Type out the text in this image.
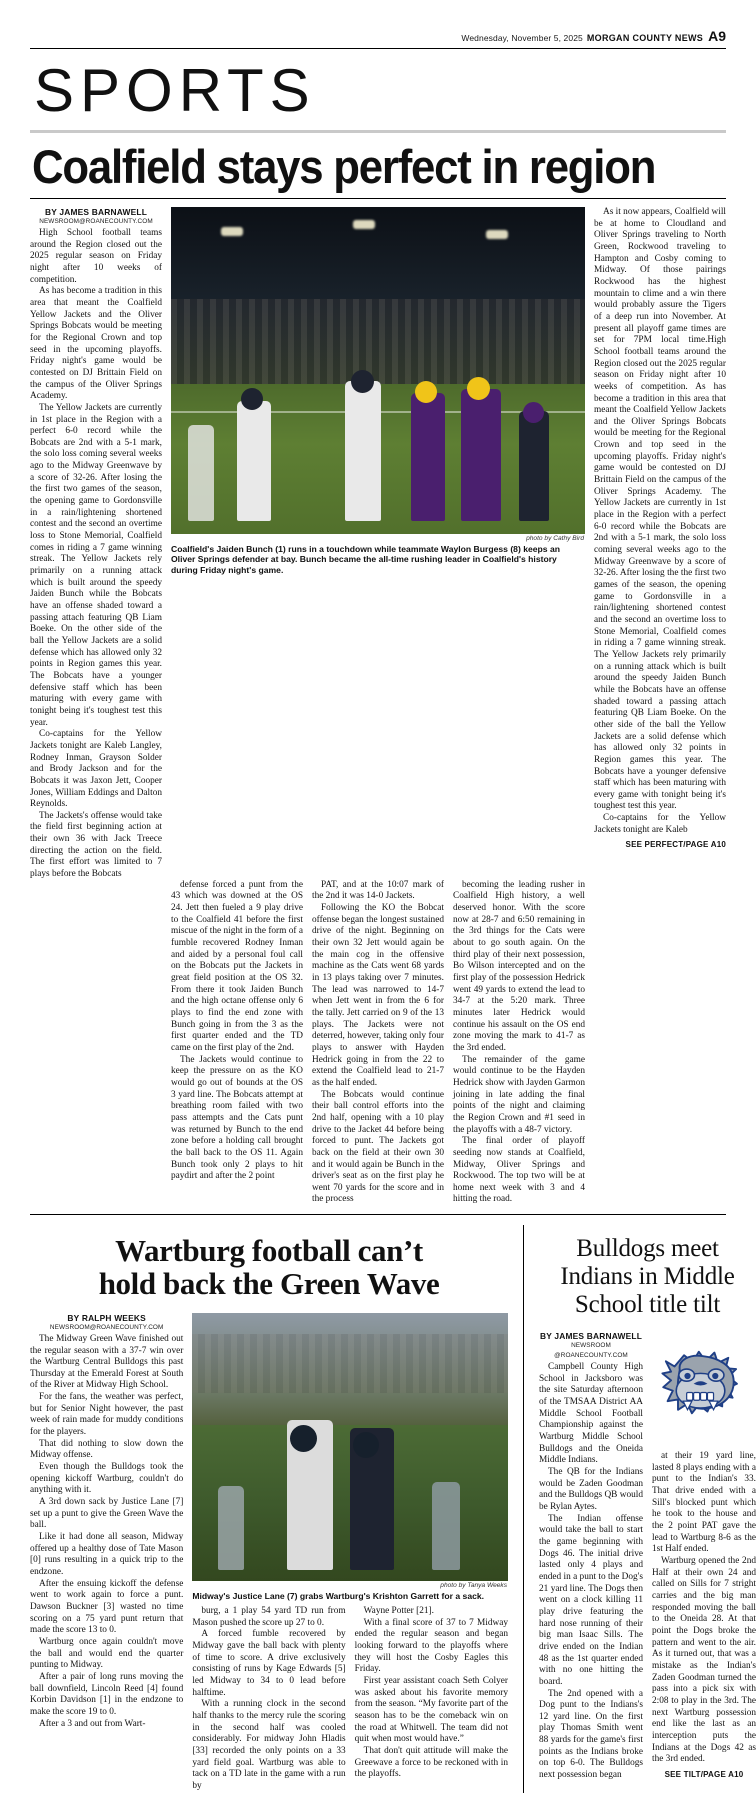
Wednesday, November 5, 2025 MORGAN COUNTY NEWS A9
SPORTS
Coalfield stays perfect in region
BY JAMES BARNAWELL
NEWSROOM@ROANECOUNTY.COM

High School football teams around the Region closed out the 2025 regular season on Friday night after 10 weeks of competition.

As has become a tradition in this area that meant the Coalfield Yellow Jackets and the Oliver Springs Bobcats would be meeting for the Regional Crown and top seed in the upcoming playoffs. Friday night's game would be contested on DJ Brittain Field on the campus of the Oliver Springs Academy.

The Yellow Jackets are currently in 1st place in the Region with a perfect 6-0 record while the Bobcats are 2nd with a 5-1 mark, the solo loss coming several weeks ago to the Midway Greenwave by a score of 32-26. After losing the the first two games of the season, the opening game to Gordonsville in a rain/lightening shortened contest and the second an overtime loss to Stone Memorial, Coalfield comes in riding a 7 game winning streak. The Yellow Jackets rely primarily on a running attack which is built around the speedy Jaiden Bunch while the Bobcats have an offense shaded toward a passing attach featuring QB Liam Boeke. On the other side of the ball the Yellow Jackets are a solid defense which has allowed only 32 points in Region games this year. The Bobcats have a younger defensive staff which has been maturing with every game with tonight being it's toughest test this year.

Co-captains for the Yellow Jackets tonight are Kaleb Langley, Rodney Inman, Grayson Solder and Brody Jackson and for the Bobcats it was Jaxon Jett, Cooper Jones, William Eddings and Dalton Reynolds.

The Jackets's offense would take the field first beginning action at their own 36 with Jack Treece directing the action on the field. The first effort was limited to 7 plays before the Bobcats

photo by Cathy Bird
Coalfield's Jaiden Bunch (1) runs in a touchdown while teammate Waylon Burgess (8) keeps an Oliver Springs defender at bay. Bunch became the all-time rushing leader in Coalfield's history during Friday night's game.

As it now appears, Coalfield will be at home to Cloudland and Oliver Springs traveling to North Green, Rockwood traveling to Hampton and Cosby coming to Midway. Of those pairings Rockwood has the highest mountain to clime and a win there would probably assure the Tigers of a deep run into November. At present all playoff game times are set for 7PM local time.High School football teams around the Region closed out the 2025 regular season on Friday night after 10 weeks of competition. As has become a tradition in this area that meant the Coalfield Yellow Jackets and the Oliver Springs Bobcats would be meeting for the Regional Crown and top seed in the upcoming playoffs. Friday night's game would be contested on DJ Brittain Field on the campus of the Oliver Springs Academy. The Yellow Jackets are currently in 1st place in the Region with a perfect 6-0 record while the Bobcats are 2nd with a 5-1 mark, the solo loss coming several weeks ago to the Midway Greenwave by a score of 32-26. After losing the the first two games of the season, the opening game to Gordonsville in a rain/lightening shortened contest and the second an overtime loss to Stone Memorial, Coalfield comes in riding a 7 game winning streak. The Yellow Jackets rely primarily on a running attack which is built around the speedy Jaiden Bunch while the Bobcats have an offense shaded toward a passing attach featuring QB Liam Boeke. On the other side of the ball the Yellow Jackets are a solid defense which has allowed only 32 points in Region games this year. The Bobcats have a younger defensive staff which has been maturing with every game with tonight being it's toughest test this year.

Co-captains for the Yellow Jackets tonight are Kaleb

SEE PERFECT/PAGE A10

defense forced a punt from the 43 which was downed at the OS 24. Jett then fueled a 9 play drive to the Coalfield 41 before the first miscue of the night in the form of a fumble recovered Rodney Inman and aided by a personal foul call on the Bobcats put the Jackets in great field position at the OS 32. From there it took Jaiden Bunch and the high octane offense only 6 plays to find the end zone with Bunch going in from the 3 as the first quarter ended and the TD came on the first play of the 2nd.

The Jackets would continue to keep the pressure on as the KO would go out of bounds at the OS 3 yard line. The Bobcats attempt at breathing room failed with two pass attempts and the Cats punt was returned by Bunch to the end zone before a holding call brought the ball back to the OS 11. Again Bunch took only 2 plays to hit paydirt and after the 2 point

PAT, and at the 10:07 mark of the 2nd it was 14-0 Jackets.

Following the KO the Bobcat offense began the longest sustained drive of the night. Beginning on their own 32 Jett would again be the main cog in the offensive machine as the Cats went 68 yards in 13 plays taking over 7 minutes. The lead was narrowed to 14-7 when Jett went in from the 6 for the tally. Jett carried on 9 of the 13 plays. The Jackets were not deterred, however, taking only four plays to answer with Hayden Hedrick going in from the 22 to extend the Coalfield lead to 21-7 as the half ended.

The Bobcats would continue their ball control efforts into the 2nd half, opening with a 10 play drive to the Jacket 44 before being forced to punt. The Jackets got back on the field at their own 30 and it would again be Bunch in the driver's seat as on the first play he went 70 yards for the score and in the process

becoming the leading rusher in Coalfield High history, a well deserved honor. With the score now at 28-7 and 6:50 remaining in the 3rd things for the Cats were about to go south again. On the third play of their next possession, Bo Wilson intercepted and on the first play of the possession Hedrick went 49 yards to extend the lead to 34-7 at the 5:20 mark. Three minutes later Hedrick would continue his assault on the OS end zone moving the mark to 41-7 as the 3rd ended.

The remainder of the game would continue to be the Hayden Hedrick show with Jayden Garmon joining in late adding the final points of the night and claiming the Region Crown and #1 seed in the playoffs with a 48-7 victory.

The final order of playoff seeding now stands at Coalfield, Midway, Oliver Springs and Rockwood. The top two will be at home next week with 3 and 4 hitting the road.

Wartburg football can’t
hold back the Green Wave
BY RALPH WEEKS
NEWSROOM@ROANECOUNTY.COM

The Midway Green Wave finished out the regular season with a 37-7 win over the Wartburg Central Bulldogs this past Thursday at the Emerald Forest at South of the River at Midway High School.

For the fans, the weather was perfect, but for Senior Night however, the past week of rain made for muddy conditions for the players.

That did nothing to slow down the Midway offense.

Even though the Bulldogs took the opening kickoff Wartburg, couldn't do anything with it.

A 3rd down sack by Justice Lane [7] set up a punt to give the Green Wave the ball.

Like it had done all season, Midway offered up a healthy dose of Tate Mason [0] runs resulting in a quick trip to the endzone.

After the ensuing kickoff the defense went to work again to force a punt. Dawson Buckner [3] wasted no time scoring on a 75 yard punt return that made the score 13 to 0.

Wartburg once again couldn't move the ball and would end the quarter punting to Midway.

After a pair of long runs moving the ball downfield, Lincoln Reed [4] found Korbin Davidson [1] in the endzone to make the score 19 to 0.

After a 3 and out from Wart-

photo by Tanya Weeks
Midway's Justice Lane (7) grabs Wartburg's Krishton Garrett for a sack.

burg, a 1 play 54 yard TD run from Mason pushed the score up 27 to 0.

A forced fumble recovered by Midway gave the ball back with plenty of time to score. A drive exclusively consisting of runs by Kage Edwards [5] led Midway to 34 to 0 lead before halftime.

With a running clock in the second half thanks to the mercy rule the scoring in the second half was cooled considerably. For midway John Hladis [33] recorded the only points on a 33 yard field goal. Wartburg was able to tack on a TD late in the game with a run by

Wayne Potter [21].

With a final score of 37 to 7 Midway ended the regular season and began looking forward to the playoffs where they will host the Cosby Eagles this Friday.

First year assistant coach Seth Colyer was asked about his favorite memory from the season. “My favorite part of the season has to be the comeback win on the road at Whitwell. The team did not quit when most would have.”

That don't quit attitude will make the Greewave a force to be reckoned with in the playoffs.

Bulldogs meet
Indians in Middle
School title tilt
BY JAMES BARNAWELL
NEWSROOM
@ROANECOUNTY.COM

Campbell County High School in Jacksboro was the site Saturday afternoon of the TMSAA District AA Middle School Football Championship against the Wartburg Middle School Bulldogs and the Oneida Middle Indians.

The QB for the Indians would be Zaden Goodman and the Bulldogs QB would be Rylan Aytes.

The Indian offense would take the ball to start the game beginning with Dogs 46. The initial drive lasted only 4 plays and ended in a punt to the Dog's 21 yard line. The Dogs then went on a clock killing 11 play drive featuring the hard nose running of their big man Isaac Sills. The drive ended on the Indian 48 as the 1st quarter ended with no one hitting the board.

The 2nd opened with a Dog punt to the Indians's 12 yard line. On the first play Thomas Smith went 88 yards for the game's first points as the Indians broke on top 6-0. The Bulldogs next possession began

at their 19 yard line, lasted 8 plays ending with a punt to the Indian's 33. That drive ended with a Sill's blocked punt which he took to the house and the 2 point PAT gave the lead to Wartburg 8-6 as the 1st Half ended.

Wartburg opened the 2nd Half at their own 24 and called on Sills for 7 stright carries and the big man responded moving the ball to the Oneida 28. At that point the Dogs broke the pattern and went to the air. As it turned out, that was a mistake as the Indian's Zaden Goodman turned the pass into a pick six with 2:08 to play in the 3rd. The next Wartburg possession end like the last as an interception puts the Indians at the Dogs 42 as the 3rd ended.

SEE TILT/PAGE A10
